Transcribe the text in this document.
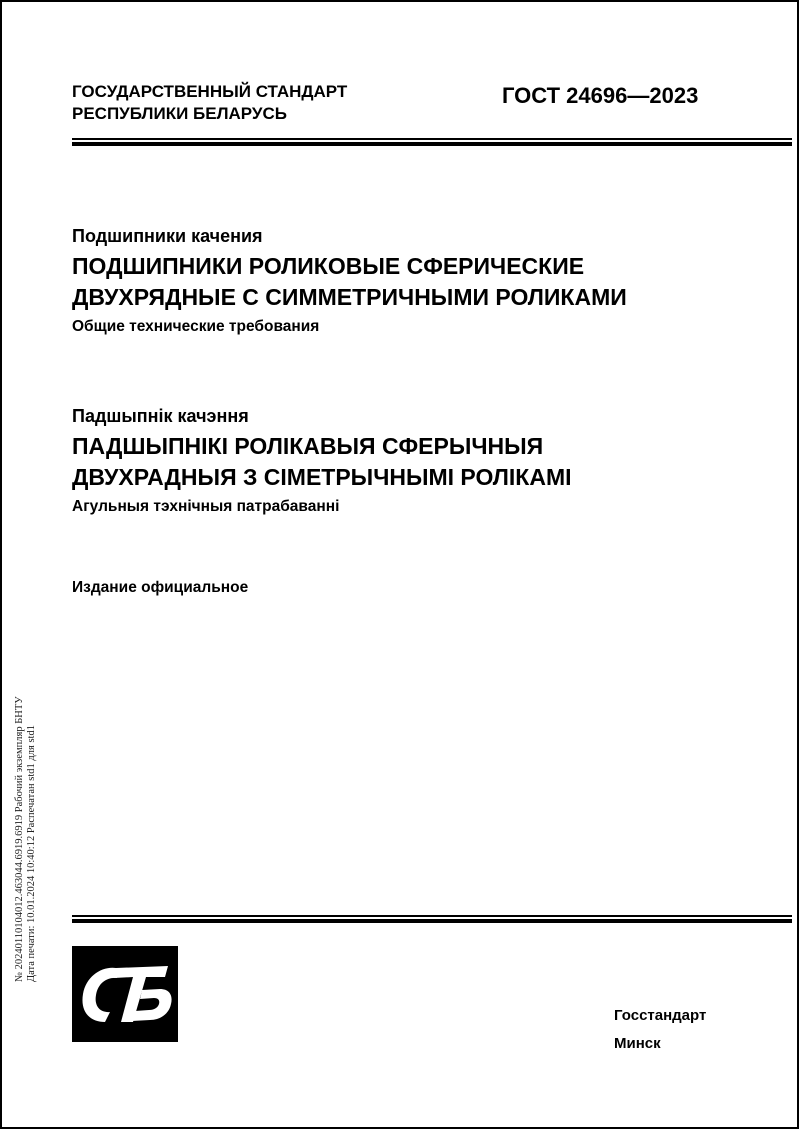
ГОСУДАРСТВЕННЫЙ СТАНДАРТ
РЕСПУБЛИКИ БЕЛАРУСЬ
ГОСТ 24696—2023
Подшипники качения
ПОДШИПНИКИ РОЛИКОВЫЕ СФЕРИЧЕСКИЕ
ДВУХРЯДНЫЕ С СИММЕТРИЧНЫМИ РОЛИКАМИ
Общие технические требования
Падшыпнік качэння
ПАДШЫПНІКІ РОЛІКАВЫЯ СФЕРЫЧНЫЯ
ДВУХРАДНЫЯ З СІМЕТРЫЧНЫМІ РОЛІКАМІ
Агульныя тэхнічныя патрабаванні
Издание официальное
Госстандарт
Минск
№ 20240110104012.463044.6919.6919 Рабочий экземпляр БНТУ Дата печати: 10.01.2024 10:40:12 Распечатан std1 для std1
